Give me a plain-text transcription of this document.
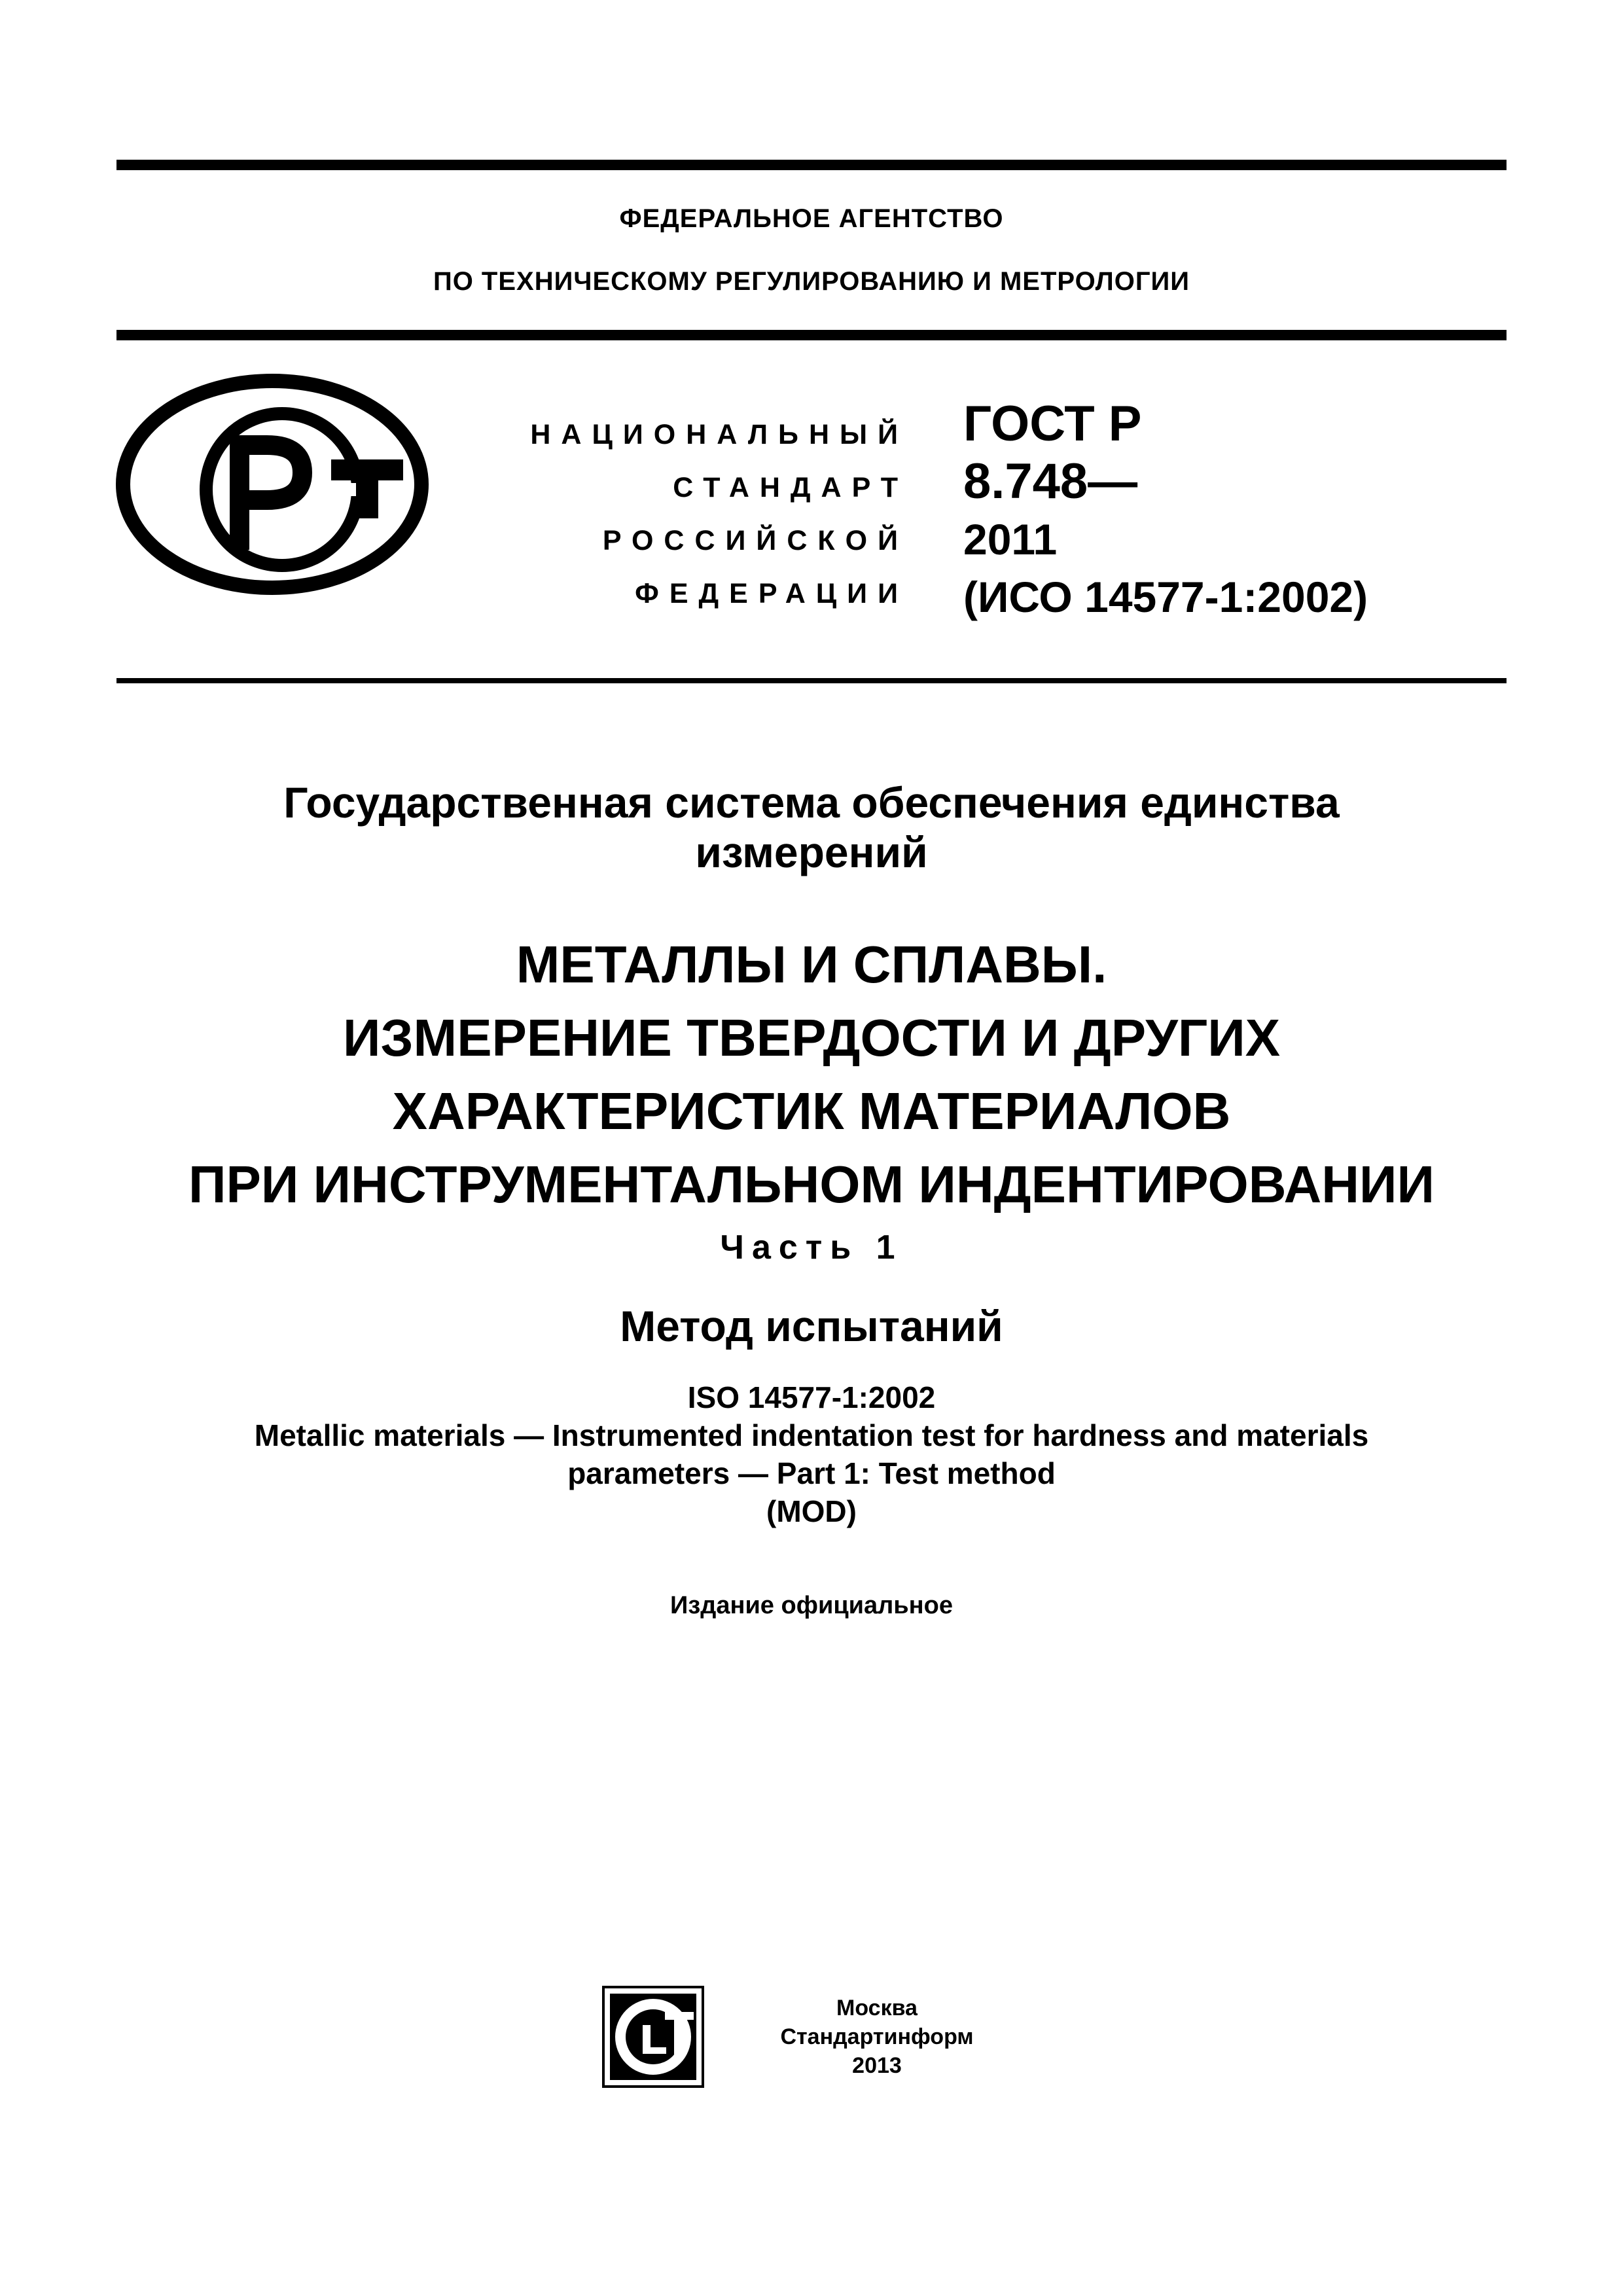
ФЕДЕРАЛЬНОЕ АГЕНТСТВО
ПО ТЕХНИЧЕСКОМУ РЕГУЛИРОВАНИЮ И МЕТРОЛОГИИ
НАЦИОНАЛЬНЫЙ
СТАНДАРТ
РОССИЙСКОЙ
ФЕДЕРАЦИИ
ГОСТ Р
8.748—
2011
(ИСО 14577-1:2002)
Государственная система обеспечения единства
измерений
МЕТАЛЛЫ И СПЛАВЫ.
ИЗМЕРЕНИЕ ТВЕРДОСТИ И ДРУГИХ
ХАРАКТЕРИСТИК МАТЕРИАЛОВ
ПРИ ИНСТРУМЕНТАЛЬНОМ ИНДЕНТИРОВАНИИ
Часть 1
Метод испытаний
ISO 14577-1:2002
Metallic materials — Instrumented indentation test for hardness and materials
parameters — Part 1: Test method
(MOD)
Издание официальное
Москва
Стандартинформ
2013
